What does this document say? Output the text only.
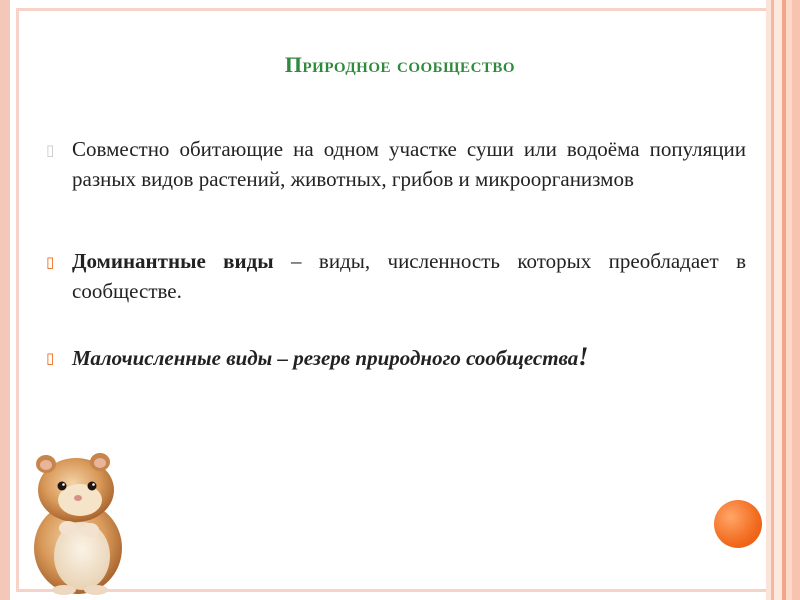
Природное сообщество
▯ Совместно обитающие на одном участке суши или водоёма популяции разных видов растений, животных, грибов и микроорганизмов
▯ Доминантные виды – виды, численность которых преобладает в сообществе.
▯ Малочисленные виды – резерв природного сообщества!
